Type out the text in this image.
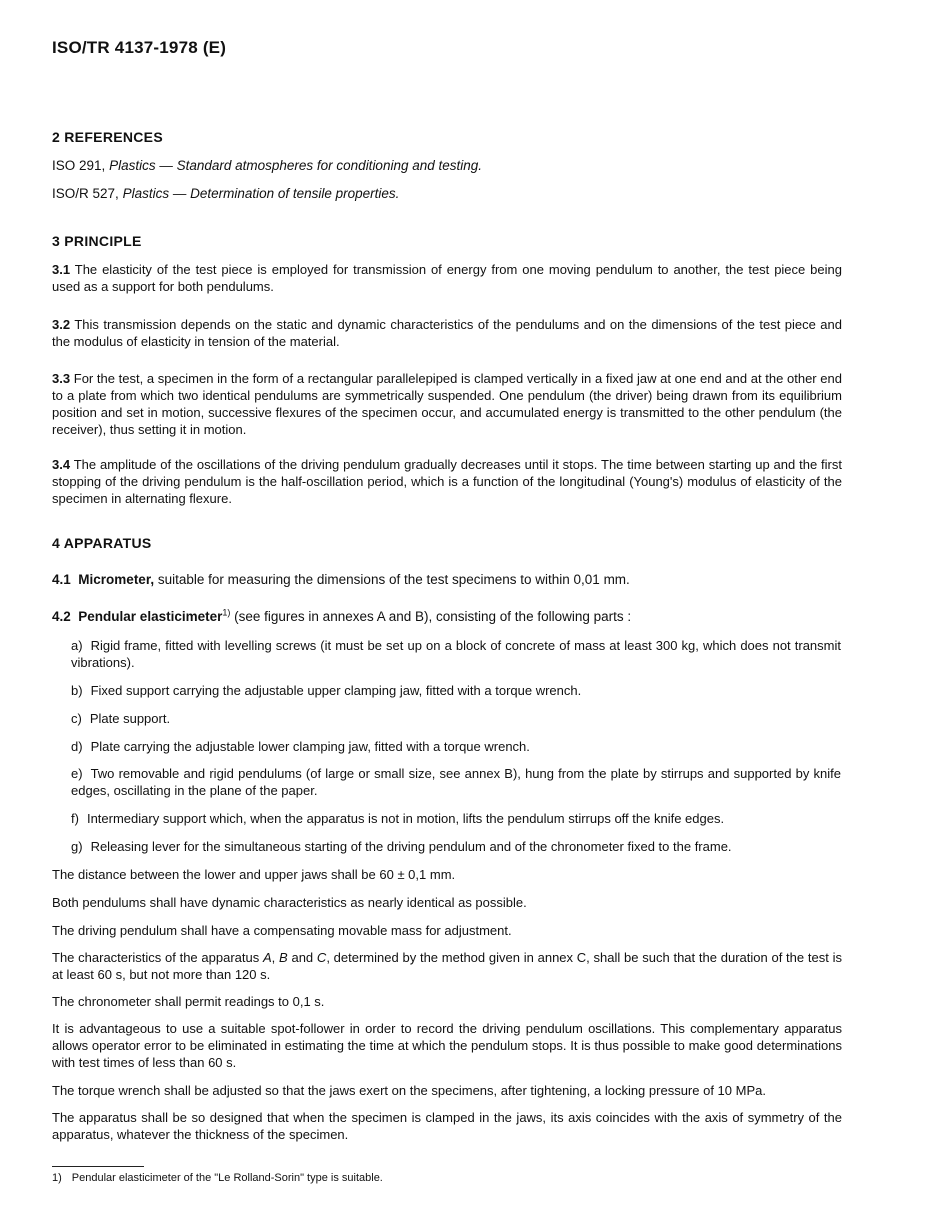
ISO/TR 4137-1978 (E)
2 REFERENCES
ISO 291, Plastics — Standard atmospheres for conditioning and testing.
ISO/R 527, Plastics — Determination of tensile properties.
3 PRINCIPLE
3.1 The elasticity of the test piece is employed for transmission of energy from one moving pendulum to another, the test piece being used as a support for both pendulums.
3.2 This transmission depends on the static and dynamic characteristics of the pendulums and on the dimensions of the test piece and the modulus of elasticity in tension of the material.
3.3 For the test, a specimen in the form of a rectangular parallelepiped is clamped vertically in a fixed jaw at one end and at the other end to a plate from which two identical pendulums are symmetrically suspended. One pendulum (the driver) being drawn from its equilibrium position and set in motion, successive flexures of the specimen occur, and accumulated energy is transmitted to the other pendulum (the receiver), thus setting it in motion.
3.4 The amplitude of the oscillations of the driving pendulum gradually decreases until it stops. The time between starting up and the first stopping of the driving pendulum is the half-oscillation period, which is a function of the longitudinal (Young's) modulus of elasticity of the specimen in alternating flexure.
4 APPARATUS
4.1 Micrometer, suitable for measuring the dimensions of the test specimens to within 0,01 mm.
4.2 Pendular elasticimeter$^{1)}$ (see figures in annexes A and B), consisting of the following parts :
a) Rigid frame, fitted with levelling screws (it must be set up on a block of concrete of mass at least 300 kg, which does not transmit vibrations).
b) Fixed support carrying the adjustable upper clamping jaw, fitted with a torque wrench.
c) Plate support.
d) Plate carrying the adjustable lower clamping jaw, fitted with a torque wrench.
e) Two removable and rigid pendulums (of large or small size, see annex B), hung from the plate by stirrups and supported by knife edges, oscillating in the plane of the paper.
f) Intermediary support which, when the apparatus is not in motion, lifts the pendulum stirrups off the knife edges.
g) Releasing lever for the simultaneous starting of the driving pendulum and of the chronometer fixed to the frame.
The distance between the lower and upper jaws shall be 60 ± 0,1 mm.
Both pendulums shall have dynamic characteristics as nearly identical as possible.
The driving pendulum shall have a compensating movable mass for adjustment.
The characteristics of the apparatus A, B and C, determined by the method given in annex C, shall be such that the duration of the test is at least 60 s, but not more than 120 s.
The chronometer shall permit readings to 0,1 s.
It is advantageous to use a suitable spot-follower in order to record the driving pendulum oscillations. This complementary apparatus allows operator error to be eliminated in estimating the time at which the pendulum stops. It is thus possible to make good determinations with test times of less than 60 s.
The torque wrench shall be adjusted so that the jaws exert on the specimens, after tightening, a locking pressure of 10 MPa.
The apparatus shall be so designed that when the specimen is clamped in the jaws, its axis coincides with the axis of symmetry of the apparatus, whatever the thickness of the specimen.
1) Pendular elasticimeter of the "Le Rolland-Sorin" type is suitable.
